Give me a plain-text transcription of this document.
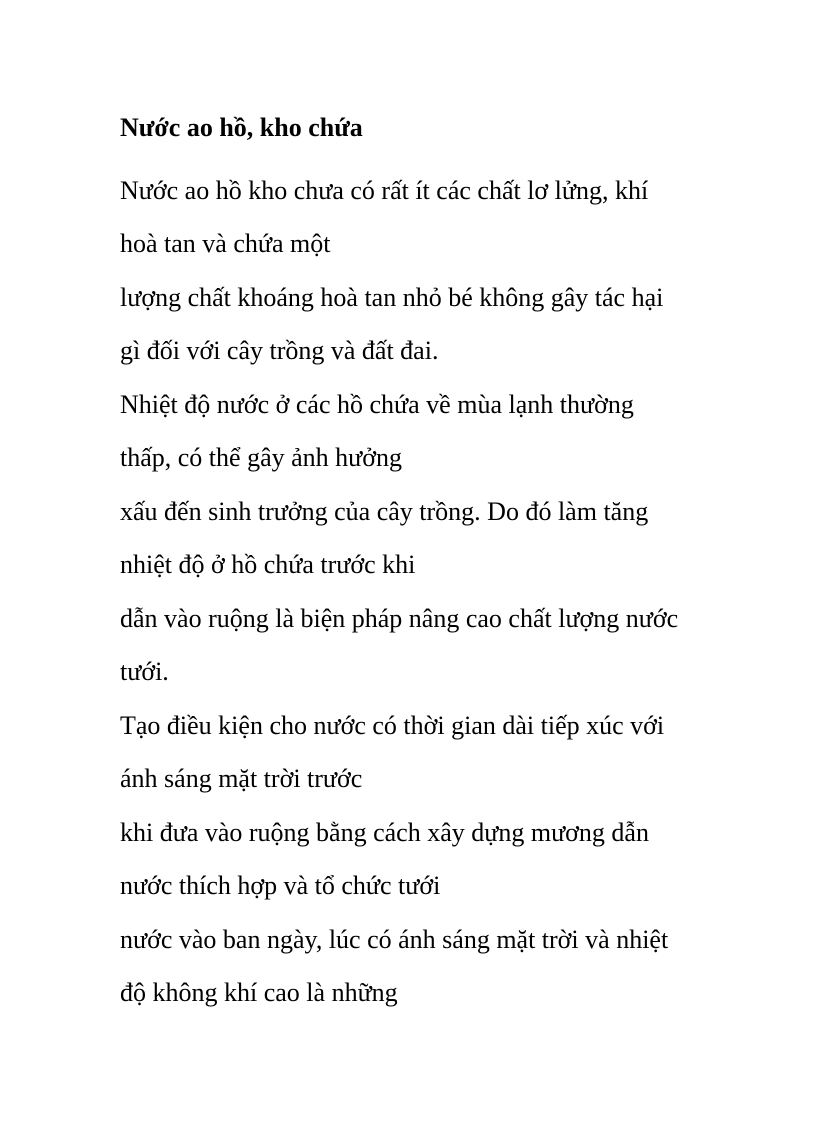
Nước ao hồ, kho chứa
Nước ao hồ kho chưa có rất ít các chất lơ lửng, khí
hoà tan và chứa một
lượng chất khoáng hoà tan nhỏ bé không gây tác hại
gì đối với cây trồng và đất đai.
Nhiệt độ nước ở các hồ chứa về mùa lạnh thường
thấp, có thể gây ảnh hưởng
xấu đến sinh trưởng của cây trồng. Do đó làm tăng
nhiệt độ ở hồ chứa trước khi
dẫn vào ruộng là biện pháp nâng cao chất lượng nước
tưới.
Tạo điều kiện cho nước có thời gian dài tiếp xúc với
ánh sáng mặt trời trước
khi đưa vào ruộng bằng cách xây dựng mương dẫn
nước thích hợp và tổ chức tưới
nước vào ban ngày, lúc có ánh sáng mặt trời và nhiệt
độ không khí cao là những
